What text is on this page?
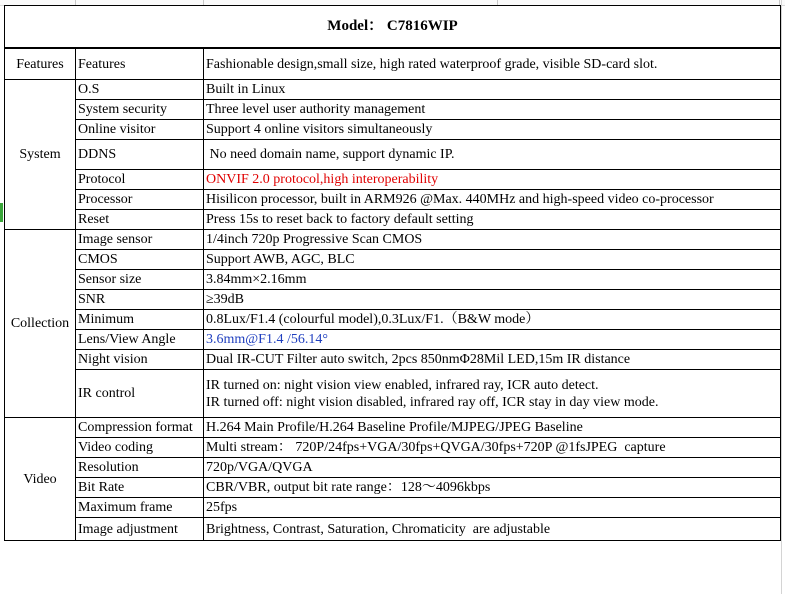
Model： C7816WIP		
Features	Features	Fashionable design,small size, high rated waterproof grade, visible SD-card slot.
System	O.S	Built in Linux
	System security	Three level user authority management
	Online visitor	Support 4 online visitors simultaneously
	DDNS	No need domain name, support dynamic IP.
	Protocol	ONVIF 2.0 protocol,high interoperability
	Processor	Hisilicon processor, built in ARM926 @Max. 440MHz and high-speed video co-processor
	Reset	Press 15s to reset back to factory default setting
Collection	Image sensor	1/4inch 720p Progressive Scan CMOS
	CMOS	Support AWB, AGC, BLC
	Sensor size	3.84mm×2.16mm
	SNR	≥39dB
	Minimum	0.8Lux/F1.4 (colourful model),0.3Lux/F1.（B&W mode）
	Lens/View Angle	3.6mm@F1.4 /56.14°
	Night vision	Dual IR-CUT Filter auto switch, 2pcs 850nmΦ28Mil LED,15m IR distance
	IR control	IR turned on: night vision view enabled, infrared ray, ICR auto detect.
IR turned off: night vision disabled, infrared ray off, ICR stay in day view mode.

Video	Compression format	H.264 Main Profile/H.264 Baseline Profile/MJPEG/JPEG Baseline
	Video coding	Multi stream： 720P/24fps+VGA/30fps+QVGA/30fps+720P @1fsJPEG  capture
	Resolution	720p/VGA/QVGA
	Bit Rate	CBR/VBR, output bit rate range：128～4096kbps
	Maximum frame	25fps
	Image adjustment	Brightness, Contrast, Saturation, Chromaticity  are adjustable
